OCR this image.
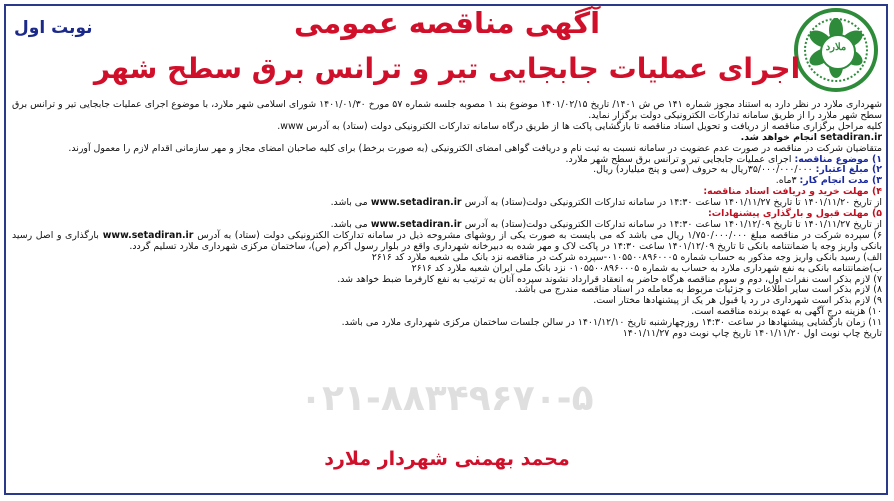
ملارد
نوبت اول	آگهی مناقصه عمومی
اجرای عملیات جابجایی تیر و ترانس برق سطح شهر

شهرداری ملارد در نظر دارد به استناد مجوز شماره ۱۴۱ ص ش ۱۴۰۱/ تاریخ ۱۴۰۱/۰۲/۱۵ موضوع بند ۱ مصوبه جلسه شماره ۵۷ مورخ ۱۴۰۱/۰۱/۳۰ شورای اسلامی شهر ملارد، با موضوع اجرای عملیات جابجایی تیر و ترانس برق سطح شهر ملارد را از طریق سامانه تدارکات الکترونیکی دولت برگزار نماید.

کلیه مراحل برگزاری مناقصه از دریافت و تحویل اسناد مناقصه تا بازگشایی پاکت ها از طریق درگاه سامانه تدارکات الکترونیکی دولت (ستاد) به آدرس www.

setadiran.ir انجام خواهد شد.

متقاضیان شرکت در مناقصه در صورت عدم عضویت در سامانه نسبت به ثبت نام و دریافت گواهی امضای الکترونیکی (به صورت برخط) برای کلیه صاحبان امضای مجاز و مهر سازمانی اقدام لازم را معمول آورند.

۱) موضوع مناقصه: اجرای عملیات جابجایی تیر و ترانس برق سطح شهر ملارد.

۲) مبلغ اعتبار: ۳۵/۰۰۰/۰۰۰/۰۰۰ریال به حروف (سی و پنج میلیارد) ریال.

۳) مدت انجام کار: ۳ماه.

۴) مهلت خرید و دریافت اسناد مناقصه:

از تاریخ ۱۴۰۱/۱۱/۲۰ تا تاریخ ۱۴۰۱/۱۱/۲۷ ساعت ۱۴:۳۰ در سامانه تدارکات الکترونیکی دولت(ستاد) به آدرس www.setadiran.ir می باشد.

۵) مهلت قبول و بارگذاری پیشنهادات:

از تاریخ ۱۴۰۱/۱۱/۲۷ تا تاریخ ۱۴۰۱/۱۲/۰۹ ساعت ۱۴:۳۰ در سامانه تدارکات الکترونیکی دولت(ستاد) به آدرس www.setadiran.ir می باشد.

۶) سپرده شرکت در مناقصه مبلغ ۱/۷۵۰/۰۰۰/۰۰۰ ریال می باشد که می بایست به صورت یکی از روشهای مشروحه ذیل در سامانه تدارکات الکترونیکی دولت (ستاد) به آدرس www.setadiran.ir بارگذاری و اصل رسید بانکی واریز وجه یا ضمانتنامه بانکی تا تاریخ ۱۴۰۱/۱۲/۰۹ ساعت ۱۴:۳۰ در پاکت لاک و مهر شده به دبیرخانه شهرداری واقع در بلوار رسول اکرم (ص)، ساختمان مرکزی شهرداری ملارد تسلیم گردد.

الف) رسید بانکی واریز وجه مذکور به حساب شماره ۰۱۰۵۵۰۰۸۹۶۰۰۰۵-سپرده شرکت در مناقصه نزد بانک ملی شعبه ملارد کد ۲۶۱۶

ب)ضمانتنامه بانکی به نفع شهرداری ملارد به حساب به شماره ۰۱۰۵۵۰۰۸۹۶۰۰۰۵ نزد بانک ملی ایران شعبه ملارد کد ۲۶۱۶

۷) لازم بذکر است نفرات اول، دوم و سوم مناقصه هرگاه حاضر به انعقاد قرارداد نشوند سپرده آنان به ترتیب به نفع کارفرما ضبط خواهد شد.

۸) لازم بذکر است سایر اطلاعات و جزئیات مربوط به معامله در اسناد مناقصه مندرج می باشد.

۹) لازم بذکر است شهرداری در رد یا قبول هر یک از پیشنهادها مختار است.

۱۰) هزینه درج آگهی به عهده برنده مناقصه است.

۱۱) زمان بازگشایی پیشنهادها در ساعت ۱۴:۳۰ روزچهارشنبه تاریخ ۱۴۰۱/۱۲/۱۰ در سالن جلسات ساختمان مرکزی شهرداری ملارد می باشد.

تاریخ چاپ نوبت اول ۱۴۰۱/۱۱/۲۰ تاریخ چاپ نوبت دوم ۱۴۰۱/۱۱/۲۷

۰۲۱-۸۸۳۴۹۶۷۰-۵
محمد بهمنی شهردار ملارد
